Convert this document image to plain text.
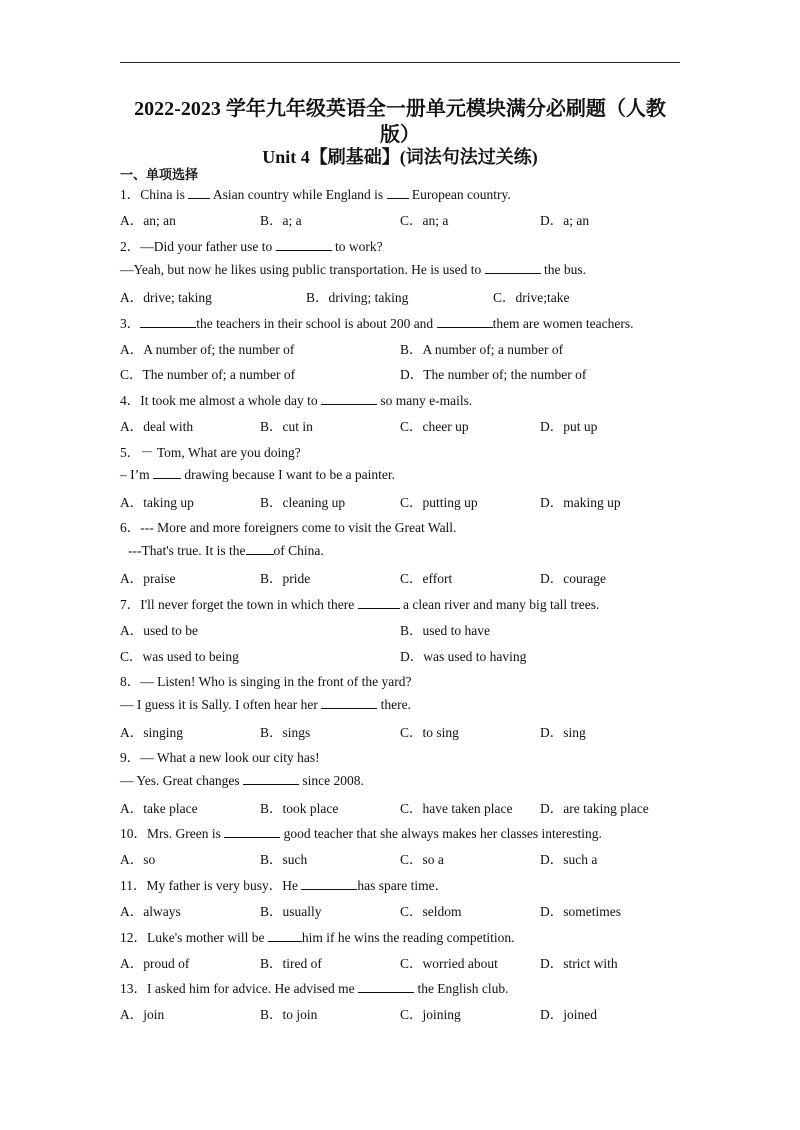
2022-2023 学年九年级英语全一册单元模块满分必刷题（人教
版）
Unit 4【刷基础】(词法句法过关练)
一、单项选择
1．China is Asian country while England is European country.
A．an; an	B．a; a	C．an; a	D．a; an
2．—Did your father use to	to work?
—Yeah, but now he likes using public transportation. He is used to	the bus.
A．drive; taking	B．driving; taking	C．drive;take
3．	the teachers in their school is about 200 and	them are women teachers.
A．A number of; the number of	B．A number of; a number of
C．The number of; a number of	D．The number of; the number of
4．It took me almost a whole day to	so many e-mails.
A．deal with	B．cut in	C．cheer up	D．put up
5．－ Tom, What are you doing?
– I’m	drawing because I want to be a painter.
A．taking up	B．cleaning up	C．putting up	D．making up
6．--- More and more foreigners come to visit the Great Wall.
---That's true. It is the of China.
A．praise	B．pride	C．effort	D．courage
7．I'll never forget the town in which there	a clean river and many big tall trees.
A．used to be	B．used to have
C．was used to being	D．was used to having
8．— Listen! Who is singing in the front of the yard?
— I guess it is Sally. I often hear her	there.
A．singing	B．sings	C．to sing	D．sing
9．— What a new look our city has!
— Yes. Great changes	since 2008.
A．take place	B．took place	C．have taken place D．are taking place
10．Mrs. Green is	good teacher that she always makes her classes interesting.
A．so	B．such	C．so a	D．such a
11．My father is very busy．He	has spare time．
A．always	B．usually	C．seldom	D．sometimes
12．Luke's mother will be	him if he wins the reading competition.
A．proud of	B．tired of	C．worried about	D．strict with
13．I asked him for advice. He advised me	the English club.
A．join	B．to join	C．joining	D．joined
